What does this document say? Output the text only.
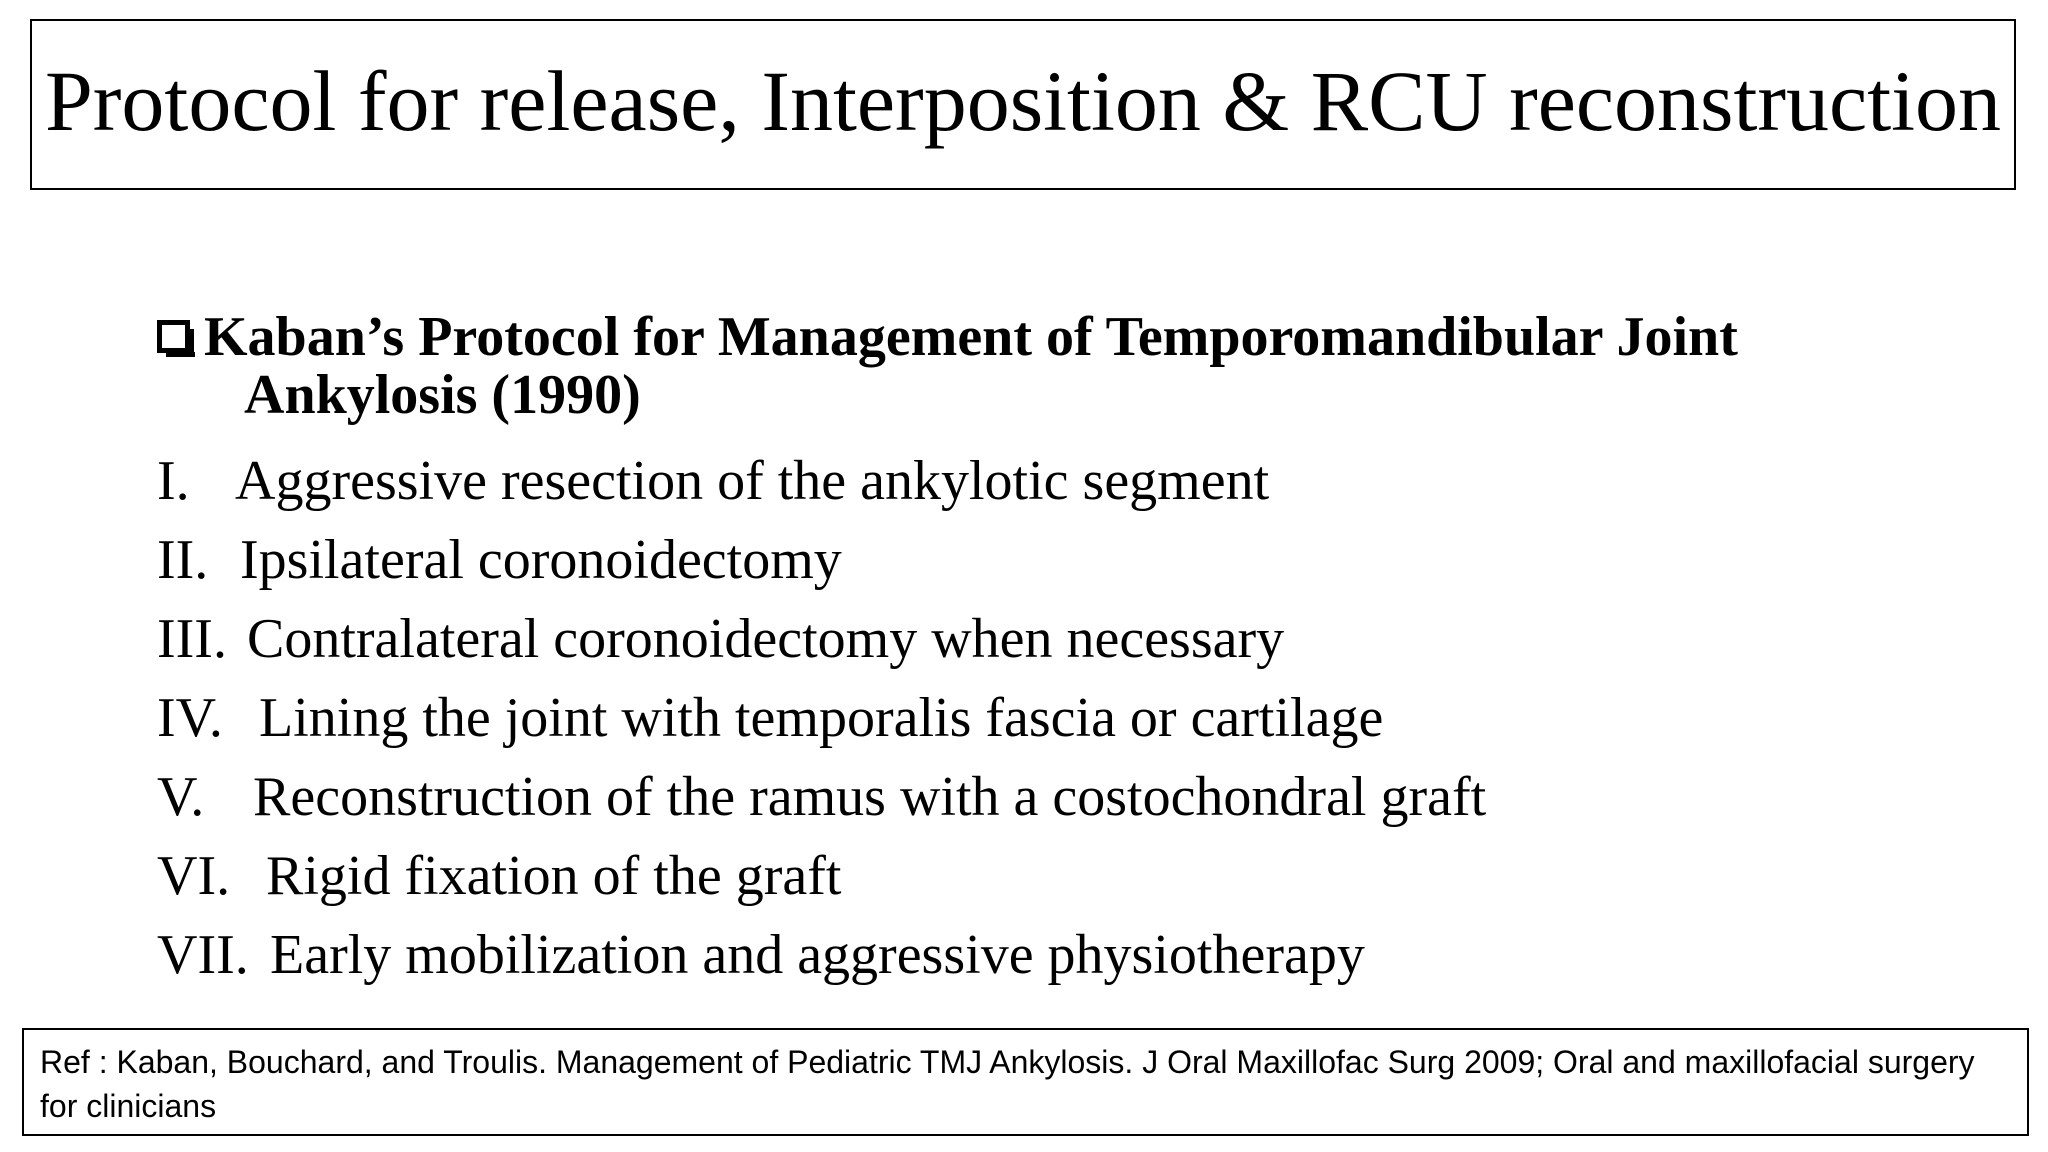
Protocol for release, Interposition & RCU reconstruction
Kaban’s Protocol for Management of Temporomandibular Joint
Ankylosis (1990)
I. Aggressive resection of the ankylotic segment
II. Ipsilateral coronoidectomy
III. Contralateral coronoidectomy when necessary
IV. Lining the joint with temporalis fascia or cartilage
V. Reconstruction of the ramus with a costochondral graft
VI. Rigid fixation of the graft
VII. Early mobilization and aggressive physiotherapy
Ref : Kaban, Bouchard, and Troulis. Management of Pediatric TMJ Ankylosis. J Oral Maxillofac Surg 2009; Oral and maxillofacial surgery for clinicians
